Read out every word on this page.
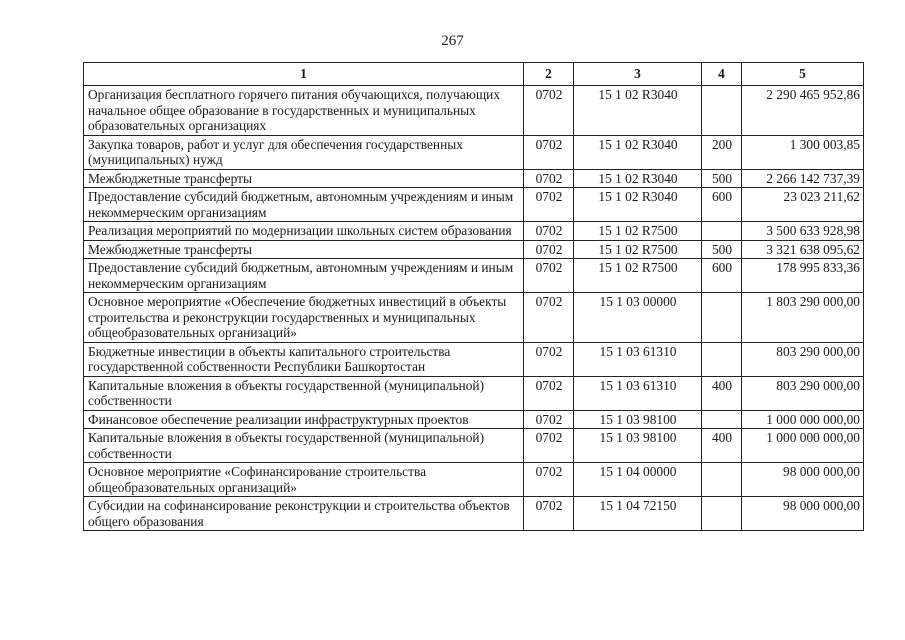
267
1	2	3	4	5
Организация бесплатного горячего питания обучающихся, получающих начальное общее образование в государственных и муниципальных образовательных организациях	0702	15 1 02 R3040		2 290 465 952,86
Закупка товаров, работ и услуг для обеспечения государственных (муниципальных) нужд	0702	15 1 02 R3040	200	1 300 003,85
Межбюджетные трансферты	0702	15 1 02 R3040	500	2 266 142 737,39
Предоставление субсидий бюджетным, автономным учреждениям и иным некоммерческим организациям	0702	15 1 02 R3040	600	23 023 211,62
Реализация мероприятий по модернизации школьных систем образования	0702	15 1 02 R7500		3 500 633 928,98
Межбюджетные трансферты	0702	15 1 02 R7500	500	3 321 638 095,62
Предоставление субсидий бюджетным, автономным учреждениям и иным некоммерческим организациям	0702	15 1 02 R7500	600	178 995 833,36
Основное мероприятие «Обеспечение бюджетных инвестиций в объекты строительства и реконструкции государственных и муниципальных общеобразовательных организаций»	0702	15 1 03 00000		1 803 290 000,00
Бюджетные инвестиции в объекты капитального строительства государственной собственности Республики Башкортостан	0702	15 1 03 61310		803 290 000,00
Капитальные вложения в объекты государственной (муниципальной) собственности	0702	15 1 03 61310	400	803 290 000,00
Финансовое обеспечение реализации инфраструктурных проектов	0702	15 1 03 98100		1 000 000 000,00
Капитальные вложения в объекты государственной (муниципальной) собственности	0702	15 1 03 98100	400	1 000 000 000,00
Основное мероприятие «Софинансирование строительства общеобразовательных организаций»	0702	15 1 04 00000		98 000 000,00
Субсидии на софинансирование реконструкции и строительства объектов общего образования	0702	15 1 04 72150		98 000 000,00
